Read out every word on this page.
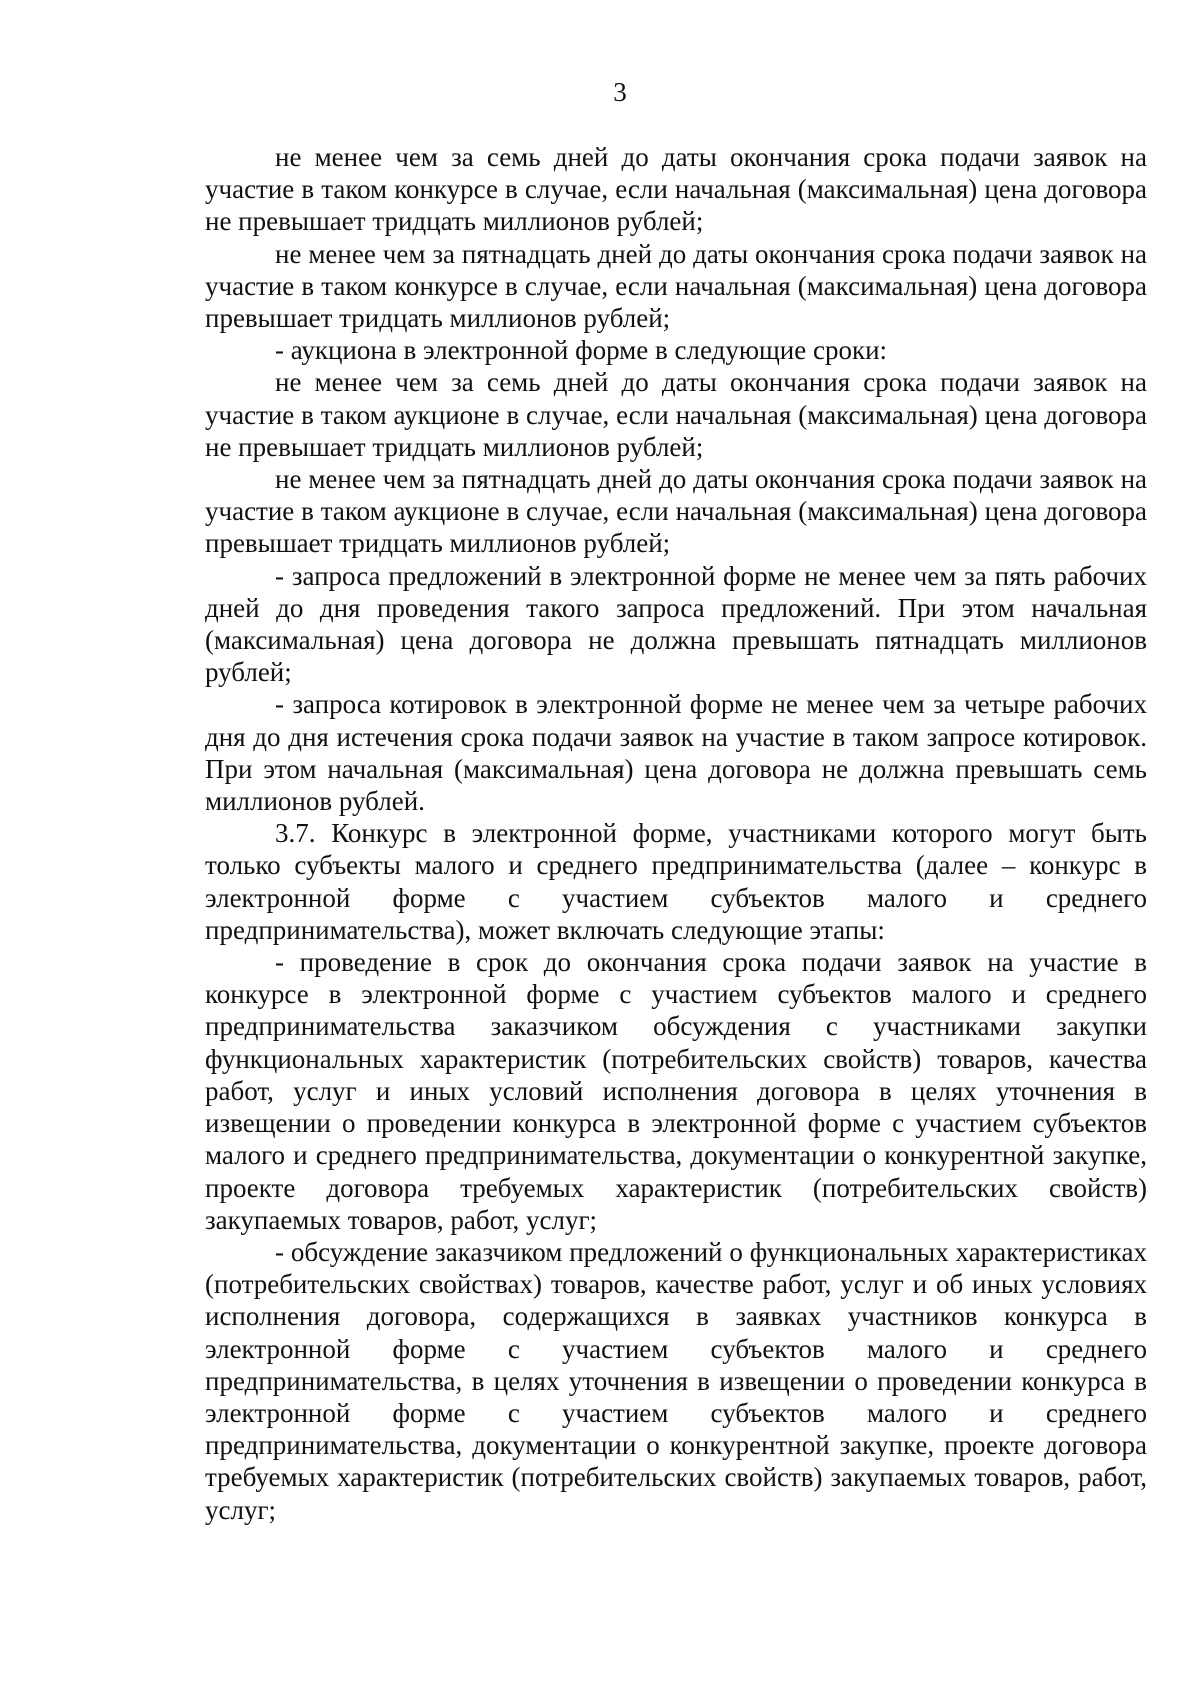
3

не менее чем за семь дней до даты окончания срока подачи заявок на участие в таком конкурсе в случае, если начальная (максимальная) цена договора не превышает тридцать миллионов рублей;

не менее чем за пятнадцать дней до даты окончания срока подачи заявок на участие в таком конкурсе в случае, если начальная (максимальная) цена договора превышает тридцать миллионов рублей;

- аукциона в электронной форме в следующие сроки:

не менее чем за семь дней до даты окончания срока подачи заявок на участие в таком аукционе в случае, если начальная (максимальная) цена договора не превышает тридцать миллионов рублей;

не менее чем за пятнадцать дней до даты окончания срока подачи заявок на участие в таком аукционе в случае, если начальная (максимальная) цена договора превышает тридцать миллионов рублей;

- запроса предложений в электронной форме не менее чем за пять рабочих дней до дня проведения такого запроса предложений. При этом начальная (максимальная) цена договора не должна превышать пятнадцать миллионов рублей;

- запроса котировок в электронной форме не менее чем за четыре рабочих дня до дня истечения срока подачи заявок на участие в таком запросе котировок. При этом начальная (максимальная) цена договора не должна превышать семь миллионов рублей.

3.7. Конкурс в электронной форме, участниками которого могут быть только субъекты малого и среднего предпринимательства (далее – конкурс в электронной форме с участием субъектов малого и среднего предпринимательства), может включать следующие этапы:

- проведение в срок до окончания срока подачи заявок на участие в конкурсе в электронной форме с участием субъектов малого и среднего предпринимательства заказчиком обсуждения с участниками закупки функциональных характеристик (потребительских свойств) товаров, качества работ, услуг и иных условий исполнения договора в целях уточнения в извещении о проведении конкурса в электронной форме с участием субъектов малого и среднего предпринимательства, документации о конкурентной закупке, проекте договора требуемых характеристик (потребительских свойств) закупаемых товаров, работ, услуг;

- обсуждение заказчиком предложений о функциональных характеристиках (потребительских свойствах) товаров, качестве работ, услуг и об иных условиях исполнения договора, содержащихся в заявках участников конкурса в электронной форме с участием субъектов малого и среднего предпринимательства, в целях уточнения в извещении о проведении конкурса в электронной форме с участием субъектов малого и среднего предпринимательства, документации о конкурентной закупке, проекте договора требуемых характеристик (потребительских свойств) закупаемых товаров, работ, услуг;
